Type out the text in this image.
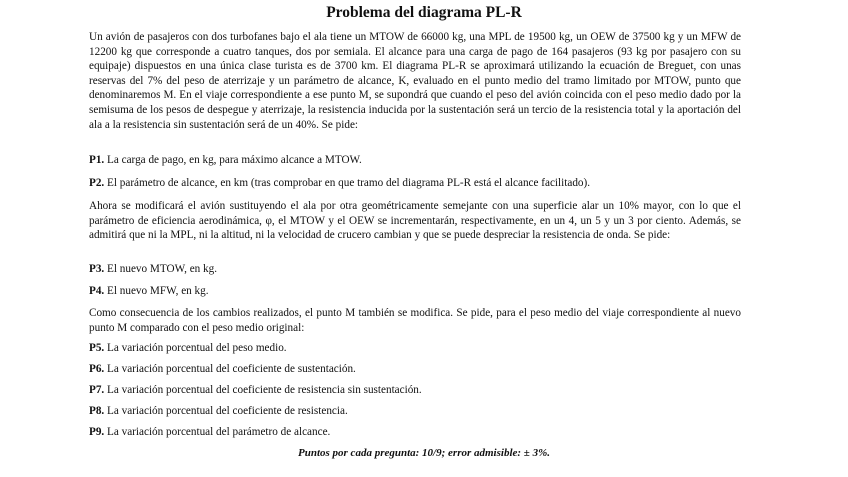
Problema del diagrama PL-R

Un avión de pasajeros con dos turbofanes bajo el ala tiene un MTOW de 66000 kg, una MPL de 19500 kg, un OEW de 37500 kg y un MFW de 12200 kg que corresponde a cuatro tanques, dos por semiala. El alcance para una carga de pago de 164 pasajeros (93 kg por pasajero con su equipaje) dispuestos en una única clase turista es de 3700 km. El diagrama PL-R se aproximará utilizando la ecuación de Breguet, con unas reservas del 7% del peso de aterrizaje y un parámetro de alcance, K, evaluado en el punto medio del tramo limitado por MTOW, punto que denominaremos M. En el viaje correspondiente a ese punto M, se supondrá que cuando el peso del avión coincida con el peso medio dado por la semisuma de los pesos de despegue y aterrizaje, la resistencia inducida por la sustentación será un tercio de la resistencia total y la aportación del ala a la resistencia sin sustentación será de un 40%. Se pide:

P1. La carga de pago, en kg, para máximo alcance a MTOW.
P2. El parámetro de alcance, en km (tras comprobar en que tramo del diagrama PL-R está el alcance facilitado).

Ahora se modificará el avión sustituyendo el ala por otra geométricamente semejante con una superficie alar un 10% mayor, con lo que el parámetro de eficiencia aerodinámica, φ, el MTOW y el OEW se incrementarán, respectivamente, en un 4, un 5 y un 3 por ciento. Además, se admitirá que ni la MPL, ni la altitud, ni la velocidad de crucero cambian y que se puede despreciar la resistencia de onda. Se pide:

P3. El nuevo MTOW, en kg.
P4. El nuevo MFW, en kg.

Como consecuencia de los cambios realizados, el punto M también se modifica. Se pide, para el peso medio del viaje correspondiente al nuevo punto M comparado con el peso medio original:

P5. La variación porcentual del peso medio.
P6. La variación porcentual del coeficiente de sustentación.
P7. La variación porcentual del coeficiente de resistencia sin sustentación.
P8. La variación porcentual del coeficiente de resistencia.
P9. La variación porcentual del parámetro de alcance.
Puntos por cada pregunta: 10/9; error admisible: ± 3%.
